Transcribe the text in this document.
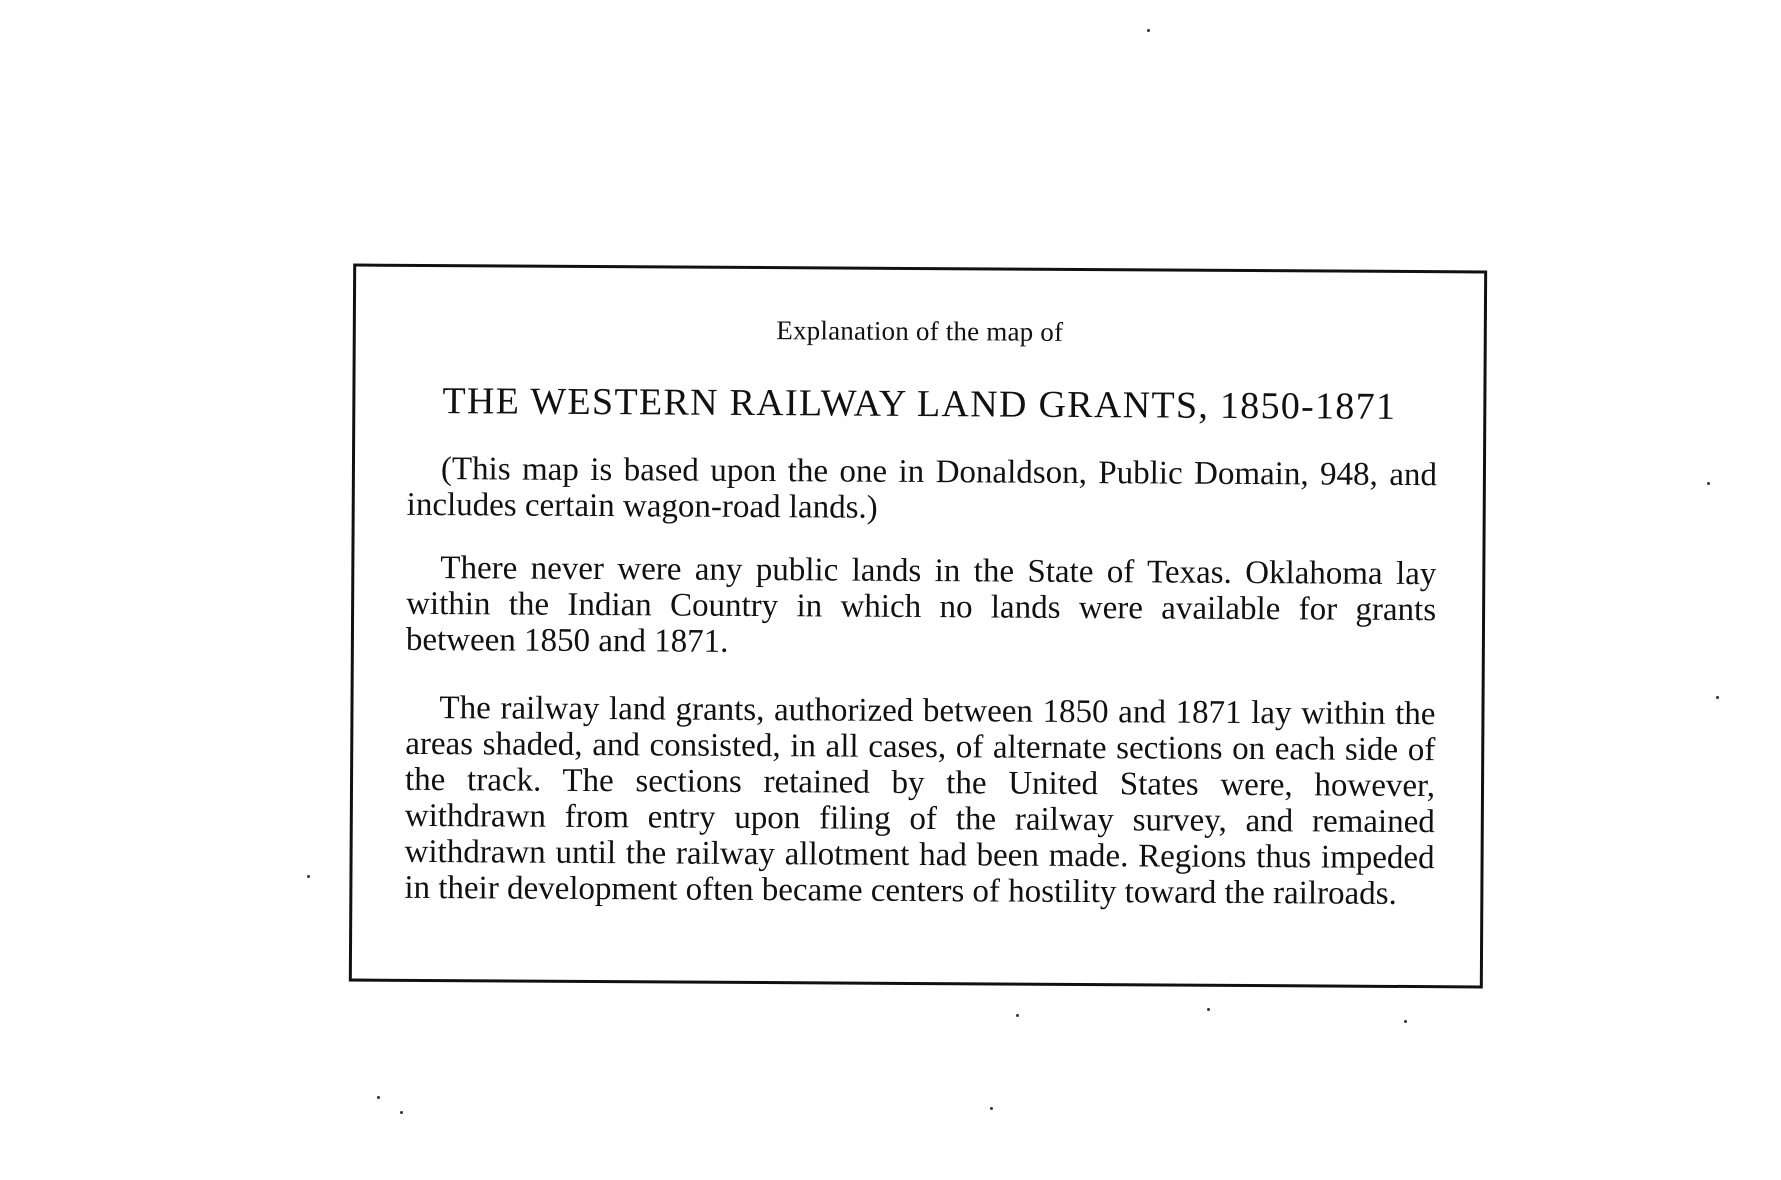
Explanation of the map of
THE WESTERN RAILWAY LAND GRANTS, 1850-1871

(This map is based upon the one in Donaldson, Public Domain, 948, and includes certain wagon-road lands.)

There never were any public lands in the State of Texas. Oklahoma lay within the Indian Country in which no lands were available for grants between 1850 and 1871.

The railway land grants, authorized between 1850 and 1871 lay within the areas shaded, and consisted, in all cases, of alternate sections on each side of the track. The sections retained by the United States were, however, withdrawn from entry upon filing of the railway survey, and remained withdrawn until the railway allotment had been made. Regions thus impeded in their development often became centers of hostility toward the railroads.
